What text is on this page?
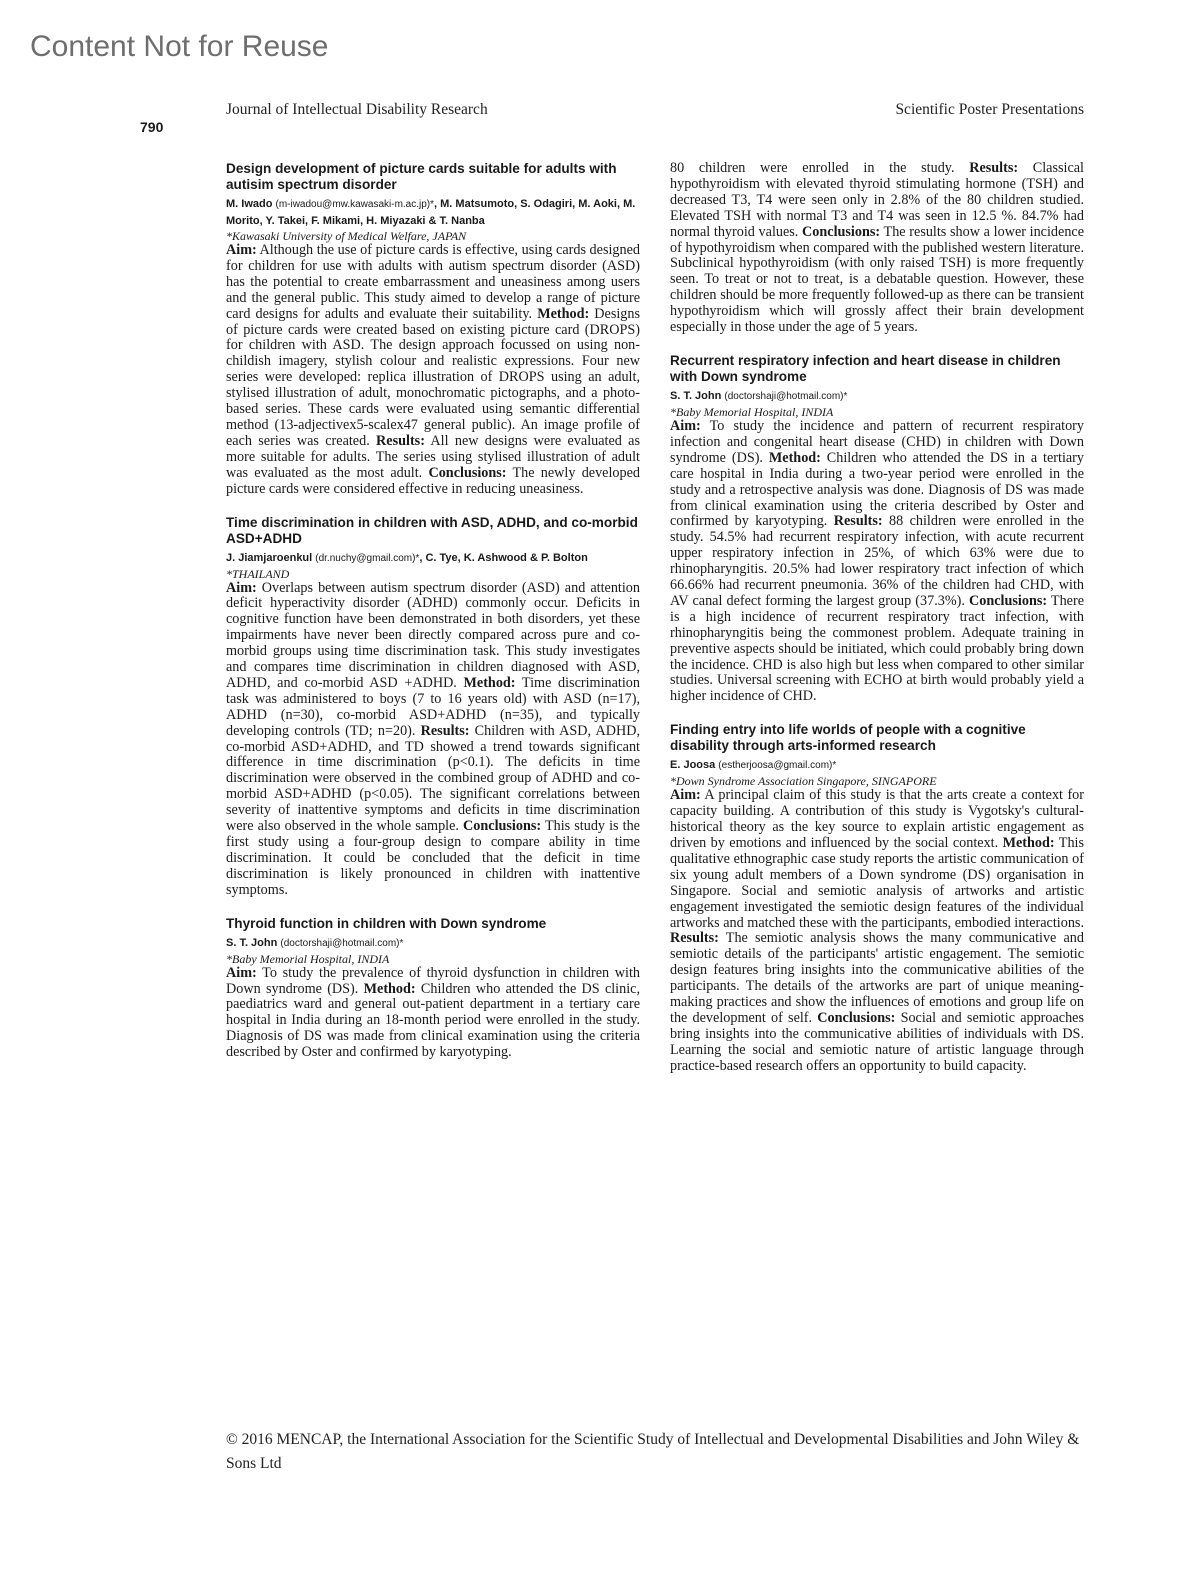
Content Not for Reuse
Journal of Intellectual Disability Research	Scientific Poster Presentations
790
Design development of picture cards suitable for adults with autisim spectrum disorder
M. Iwado (m-iwadou@mw.kawasaki-m.ac.jp)*, M. Matsumoto, S. Odagiri, M. Aoki, M. Morito, Y. Takei, F. Mikami, H. Miyazaki & T. Nanba
*Kawasaki University of Medical Welfare, JAPAN
Aim: Although the use of picture cards is effective, using cards designed for children for use with adults with autism spectrum disorder (ASD) has the potential to create embarrassment and uneasiness among users and the general public. This study aimed to develop a range of picture card designs for adults and evaluate their suitability. Method: Designs of picture cards were created based on existing picture card (DROPS) for children with ASD. The design approach focussed on using non-childish imagery, stylish colour and realistic expressions. Four new series were developed: replica illustration of DROPS using an adult, stylised illustration of adult, monochromatic pictographs, and a photo-based series. These cards were evaluated using semantic differential method (13-adjectivex5-scalex47 general public). An image profile of each series was created. Results: All new designs were evaluated as more suitable for adults. The series using stylised illustration of adult was evaluated as the most adult. Conclusions: The newly developed picture cards were considered effective in reducing uneasiness.
Time discrimination in children with ASD, ADHD, and co-morbid ASD+ADHD
J. Jiamjaroenkul (dr.nuchy@gmail.com)*, C. Tye, K. Ashwood & P. Bolton
*THAILAND
Aim: Overlaps between autism spectrum disorder (ASD) and attention deficit hyperactivity disorder (ADHD) commonly occur. Deficits in cognitive function have been demonstrated in both disorders, yet these impairments have never been directly compared across pure and co-morbid groups using time discrimination task. This study investigates and compares time discrimination in children diagnosed with ASD, ADHD, and co-morbid ASD +ADHD. Method: Time discrimination task was administered to boys (7 to 16 years old) with ASD (n=17), ADHD (n=30), co-morbid ASD+ADHD (n=35), and typically developing controls (TD; n=20). Results: Children with ASD, ADHD, co-morbid ASD+ADHD, and TD showed a trend towards significant difference in time discrimination (p<0.1). The deficits in time discrimination were observed in the combined group of ADHD and co-morbid ASD+ADHD (p<0.05). The significant correlations between severity of inattentive symptoms and deficits in time discrimination were also observed in the whole sample. Conclusions: This study is the first study using a four-group design to compare ability in time discrimination. It could be concluded that the deficit in time discrimination is likely pronounced in children with inattentive symptoms.
Thyroid function in children with Down syndrome
S. T. John (doctorshaji@hotmail.com)*
*Baby Memorial Hospital, INDIA
Aim: To study the prevalence of thyroid dysfunction in children with Down syndrome (DS). Method: Children who attended the DS clinic, paediatrics ward and general out-patient department in a tertiary care hospital in India during an 18-month period were enrolled in the study. Diagnosis of DS was made from clinical examination using the criteria described by Oster and confirmed by karyotyping.
80 children were enrolled in the study. Results: Classical hypothyroidism with elevated thyroid stimulating hormone (TSH) and decreased T3, T4 were seen only in 2.8% of the 80 children studied. Elevated TSH with normal T3 and T4 was seen in 12.5 %. 84.7% had normal thyroid values. Conclusions: The results show a lower incidence of hypothyroidism when compared with the published western literature. Subclinical hypothyroidism (with only raised TSH) is more frequently seen. To treat or not to treat, is a debatable question. However, these children should be more frequently followed-up as there can be transient hypothyroidism which will grossly affect their brain development especially in those under the age of 5 years.
Recurrent respiratory infection and heart disease in children with Down syndrome
S. T. John (doctorshaji@hotmail.com)*
*Baby Memorial Hospital, INDIA
Aim: To study the incidence and pattern of recurrent respiratory infection and congenital heart disease (CHD) in children with Down syndrome (DS). Method: Children who attended the DS in a tertiary care hospital in India during a two-year period were enrolled in the study and a retrospective analysis was done. Diagnosis of DS was made from clinical examination using the criteria described by Oster and confirmed by karyotyping. Results: 88 children were enrolled in the study. 54.5% had recurrent respiratory infection, with acute recurrent upper respiratory infection in 25%, of which 63% were due to rhinopharyngitis. 20.5% had lower respiratory tract infection of which 66.66% had recurrent pneumonia. 36% of the children had CHD, with AV canal defect forming the largest group (37.3%). Conclusions: There is a high incidence of recurrent respiratory tract infection, with rhinopharyngitis being the commonest problem. Adequate training in preventive aspects should be initiated, which could probably bring down the incidence. CHD is also high but less when compared to other similar studies. Universal screening with ECHO at birth would probably yield a higher incidence of CHD.
Finding entry into life worlds of people with a cognitive disability through arts-informed research
E. Joosa (estherjoosa@gmail.com)*
*Down Syndrome Association Singapore, SINGAPORE
Aim: A principal claim of this study is that the arts create a context for capacity building. A contribution of this study is Vygotsky's cultural-historical theory as the key source to explain artistic engagement as driven by emotions and influenced by the social context. Method: This qualitative ethnographic case study reports the artistic communication of six young adult members of a Down syndrome (DS) organisation in Singapore. Social and semiotic analysis of artworks and artistic engagement investigated the semiotic design features of the individual artworks and matched these with the participants, embodied interactions. Results: The semiotic analysis shows the many communicative and semiotic details of the participants' artistic engagement. The semiotic design features bring insights into the communicative abilities of the participants. The details of the artworks are part of unique meaning-making practices and show the influences of emotions and group life on the development of self. Conclusions: Social and semiotic approaches bring insights into the communicative abilities of individuals with DS. Learning the social and semiotic nature of artistic language through practice-based research offers an opportunity to build capacity.
© 2016 MENCAP, the International Association for the Scientific Study of Intellectual and Developmental Disabilities and John Wiley & Sons Ltd
